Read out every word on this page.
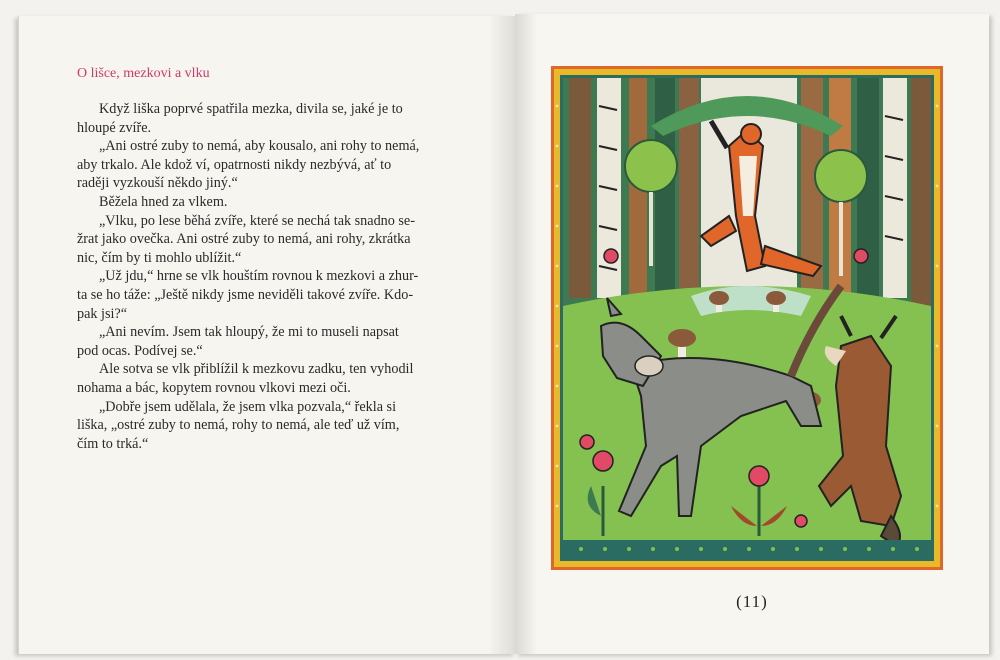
O lišce, mezkovi a vlku
Když liška poprvé spatřila mezka, divila se, jaké je to
hloupé zvíře.
„Ani ostré zuby to nemá, aby kousalo, ani rohy to nemá,
aby trkalo. Ale kdož ví, opatrnosti nikdy nezbývá, ať to
raději vyzkouší někdo jiný.“
Běžela hned za vlkem.
„Vlku, po lese běhá zvíře, které se nechá tak snadno se-
žrat jako ovečka. Ani ostré zuby to nemá, ani rohy, zkrátka
nic, čím by ti mohlo ublížit.“
„Už jdu,“ hrne se vlk houštím rovnou k mezkovi a zhur-
ta se ho táže: „Ještě nikdy jsme neviděli takové zvíře. Kdo-
pak jsi?“
„Ani nevím. Jsem tak hloupý, že mi to museli napsat
pod ocas. Podívej se.“
Ale sotva se vlk přiblížil k mezkovu zadku, ten vyhodil
nohama a bác, kopytem rovnou vlkovi mezi oči.
„Dobře jsem udělala, že jsem vlka pozvala,“ řekla si
liška, „ostré zuby to nemá, rohy to nemá, ale teď už vím,
čím to trká.“
(11)
